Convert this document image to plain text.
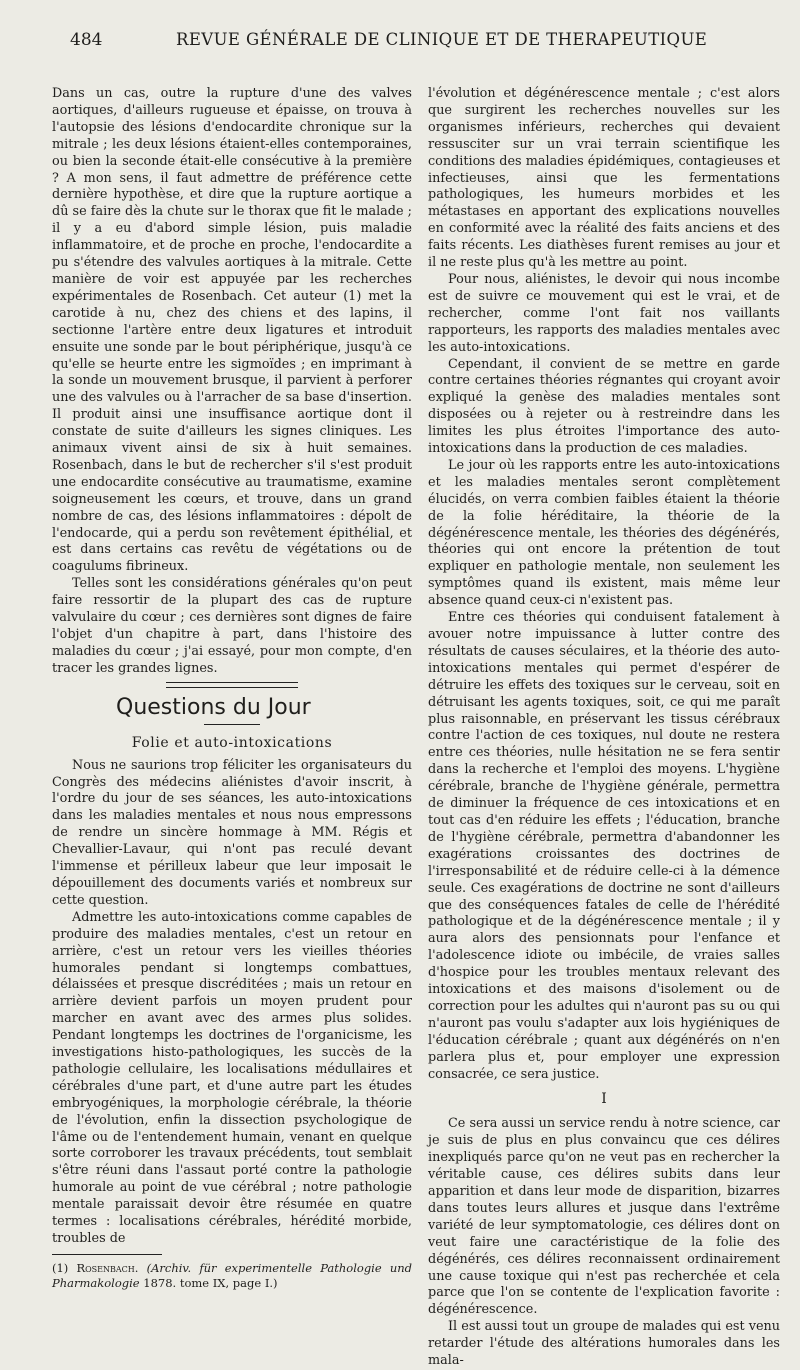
484	REVUE GÉNÉRALE DE CLINIQUE ET DE THERAPEUTIQUE

Dans un cas, outre la rupture d'une des valves aortiques, d'ailleurs rugueuse et épaisse, on trouva à l'autopsie des lésions d'endocardite chronique sur la mitrale ; les deux lésions étaient-elles contemporaines, ou bien la seconde était-elle consécutive à la première ? A mon sens, il faut admettre de préférence cette dernière hypothèse, et dire que la rupture aortique a dû se faire dès la chute sur le thorax que fit le malade ; il y a eu d'abord simple lésion, puis maladie inflammatoire, et de proche en proche, l'endocardite a pu s'étendre des valvules aortiques à la mitrale. Cette manière de voir est appuyée par les recherches expérimentales de Rosenbach. Cet auteur (1) met la carotide à nu, chez des chiens et des lapins, il sectionne l'artère entre deux ligatures et introduit ensuite une sonde par le bout périphérique, jusqu'à ce qu'elle se heurte entre les sigmoïdes ; en imprimant à la sonde un mouvement brusque, il parvient à perforer une des valvules ou à l'arracher de sa base d'insertion. Il produit ainsi une insuffisance aortique dont il constate de suite d'ailleurs les signes cliniques. Les animaux vivent ainsi de six à huit semaines. Rosenbach, dans le but de rechercher s'il s'est produit une endocardite consécutive au traumatisme, examine soigneusement les cœurs, et trouve, dans un grand nombre de cas, des lésions inflammatoires : dépolt de l'endocarde, qui a perdu son revêtement épithélial, et est dans certains cas revêtu de végétations ou de coagulums fibrineux.

Telles sont les considérations générales qu'on peut faire ressortir de la plupart des cas de rupture valvulaire du cœur ; ces dernières sont dignes de faire l'objet d'un chapitre à part, dans l'histoire des maladies du cœur ; j'ai essayé, pour mon compte, d'en tracer les grandes lignes.

Questions du Jour
Folie et auto-intoxications

Nous ne saurions trop féliciter les organisateurs du Congrès des médecins aliénistes d'avoir inscrit, à l'ordre du jour de ses séances, les auto-intoxications dans les maladies mentales et nous nous empressons de rendre un sincère hommage à MM. Régis et Chevallier-Lavaur, qui n'ont pas reculé devant l'immense et périlleux labeur que leur imposait le dépouillement des documents variés et nombreux sur cette question.

Admettre les auto-intoxications comme capables de produire des maladies mentales, c'est un retour en arrière, c'est un retour vers les vieilles théories humorales pendant si longtemps combattues, délaissées et presque discréditées ; mais un retour en arrière devient parfois un moyen prudent pour marcher en avant avec des armes plus solides. Pendant longtemps les doctrines de l'organicisme, les investigations histo-pathologiques, les succès de la pathologie cellulaire, les localisations médullaires et cérébrales d'une part, et d'une autre part les études embryogéniques, la morphologie cérébrale, la théorie de l'évolution, enfin la dissection psychologique de l'âme ou de l'entendement humain, venant en quelque sorte corroborer les travaux précédents, tout semblait s'être réuni dans l'assaut porté contre la pathologie humorale au point de vue cérébral ; notre pathologie mentale paraissait devoir être résumée en quatre termes : localisations cérébrales, hérédité morbide, troubles de

(1) Rosenbach. (Archiv. für experimentelle Pathologie und Pharmakologie 1878. tome IX, page I.)

l'évolution et dégénérescence mentale ; c'est alors que surgirent les recherches nouvelles sur les organismes inférieurs, recherches qui devaient ressusciter sur un vrai terrain scientifique les conditions des maladies épidémiques, contagieuses et infectieuses, ainsi que les fermentations pathologiques, les humeurs morbides et les métastases en apportant des explications nouvelles en conformité avec la réalité des faits anciens et des faits récents. Les diathèses furent remises au jour et il ne reste plus qu'à les mettre au point.

Pour nous, aliénistes, le devoir qui nous incombe est de suivre ce mouvement qui est le vrai, et de rechercher, comme l'ont fait nos vaillants rapporteurs, les rapports des maladies mentales avec les auto-intoxications.

Cependant, il convient de se mettre en garde contre certaines théories régnantes qui croyant avoir expliqué la genèse des maladies mentales sont disposées ou à rejeter ou à restreindre dans les limites les plus étroites l'importance des auto-intoxications dans la production de ces maladies.

Le jour où les rapports entre les auto-intoxications et les maladies mentales seront complètement élucidés, on verra combien faibles étaient la théorie de la folie héréditaire, la théorie de la dégénérescence mentale, les théories des dégénérés, théories qui ont encore la prétention de tout expliquer en pathologie mentale, non seulement les symptômes quand ils existent, mais même leur absence quand ceux-ci n'existent pas.

Entre ces théories qui conduisent fatalement à avouer notre impuissance à lutter contre des résultats de causes séculaires, et la théorie des auto-intoxications mentales qui permet d'espérer de détruire les effets des toxiques sur le cerveau, soit en détruisant les agents toxiques, soit, ce qui me paraît plus raisonnable, en préservant les tissus cérébraux contre l'action de ces toxiques, nul doute ne restera entre ces théories, nulle hésitation ne se fera sentir dans la recherche et l'emploi des moyens. L'hygiène cérébrale, branche de l'hygiène générale, permettra de diminuer la fréquence de ces intoxications et en tout cas d'en réduire les effets ; l'éducation, branche de l'hygiène cérébrale, permettra d'abandonner les exagérations croissantes des doctrines de l'irresponsabilité et de réduire celle-ci à la démence seule. Ces exagérations de doctrine ne sont d'ailleurs que des conséquences fatales de celle de l'hérédité pathologique et de la dégénérescence mentale ; il y aura alors des pensionnats pour l'enfance et l'adolescence idiote ou imbécile, de vraies salles d'hospice pour les troubles mentaux relevant des intoxications et des maisons d'isolement ou de correction pour les adultes qui n'auront pas su ou qui n'auront pas voulu s'adapter aux lois hygiéniques de l'éducation cérébrale ; quant aux dégénérés on n'en parlera plus et, pour employer une expression consacrée, ce sera justice.

I

Ce sera aussi un service rendu à notre science, car je suis de plus en plus convaincu que ces délires inexpliqués parce qu'on ne veut pas en rechercher la véritable cause, ces délires subits dans leur apparition et dans leur mode de disparition, bizarres dans toutes leurs allures et jusque dans l'extrême variété de leur symptomatologie, ces délires dont on veut faire une caractéristique de la folie des dégénérés, ces délires reconnaissent ordinairement une cause toxique qui n'est pas recherchée et cela parce que l'on se contente de l'explication favorite : dégénérescence.

Il est aussi tout un groupe de malades qui est venu retarder l'étude des altérations humorales dans les mala-
